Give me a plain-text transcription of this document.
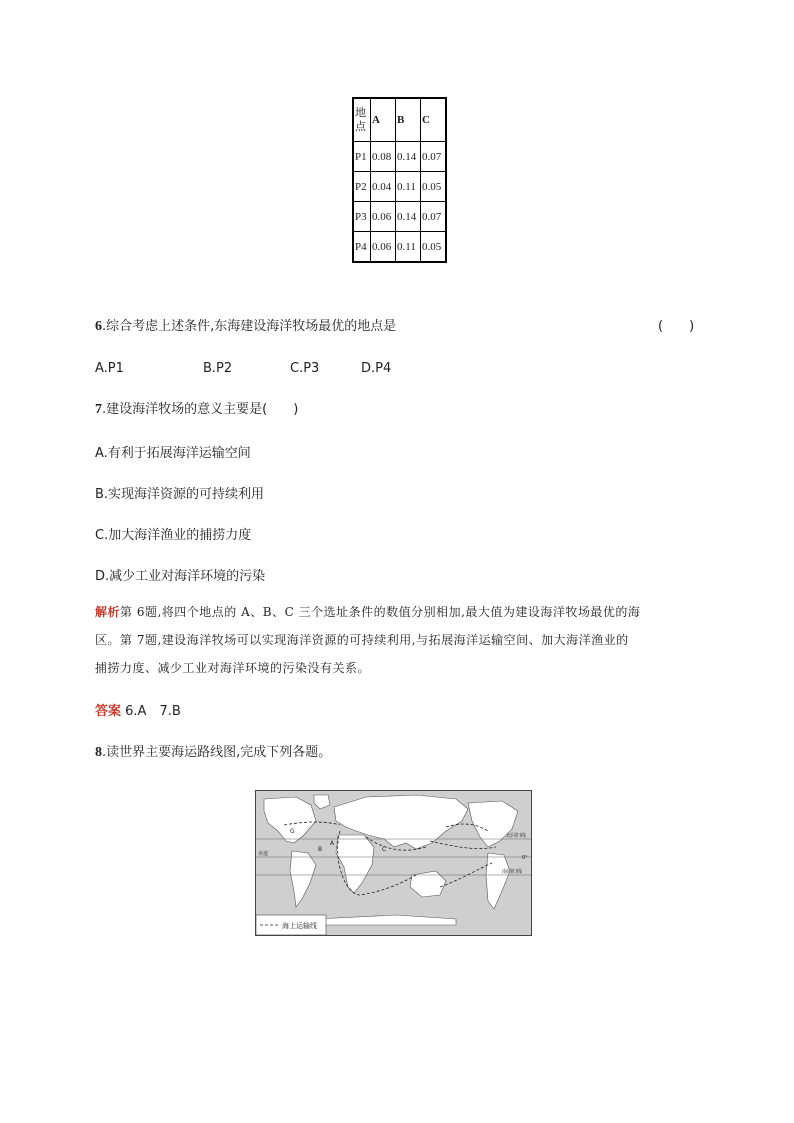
地点	A	B	C
P1	0.08	0.14	0.07
P2	0.04	0.11	0.05
P3	0.06	0.14	0.07
P4	0.06	0.11	0.05
6.综合考虑上述条件,东海建设海洋牧场最优的地点是	(　　)
A.P1	B.P2	C.P3	D.P4
7.建设海洋牧场的意义主要是(　　)
A.有利于拓展海洋运输空间
B.实现海洋资源的可持续利用
C.加大海洋渔业的捕捞力度
D.减少工业对海洋环境的污染
解析第 6题,将四个地点的 A、B、C 三个选址条件的数值分别相加,最大值为建设海洋牧场最优的海
区。第 7题,建设海洋牧场可以实现海洋资源的可持续利用,与拓展海洋运输空间、加大海洋渔业的
捕捞力度、减少工业对海洋环境的污染没有关系。
答案 6.A　7.B
8.读世界主要海运路线图,完成下列各题。
A
B	C
G
北回归线
赤道
南回归线
0°
海上运输线
